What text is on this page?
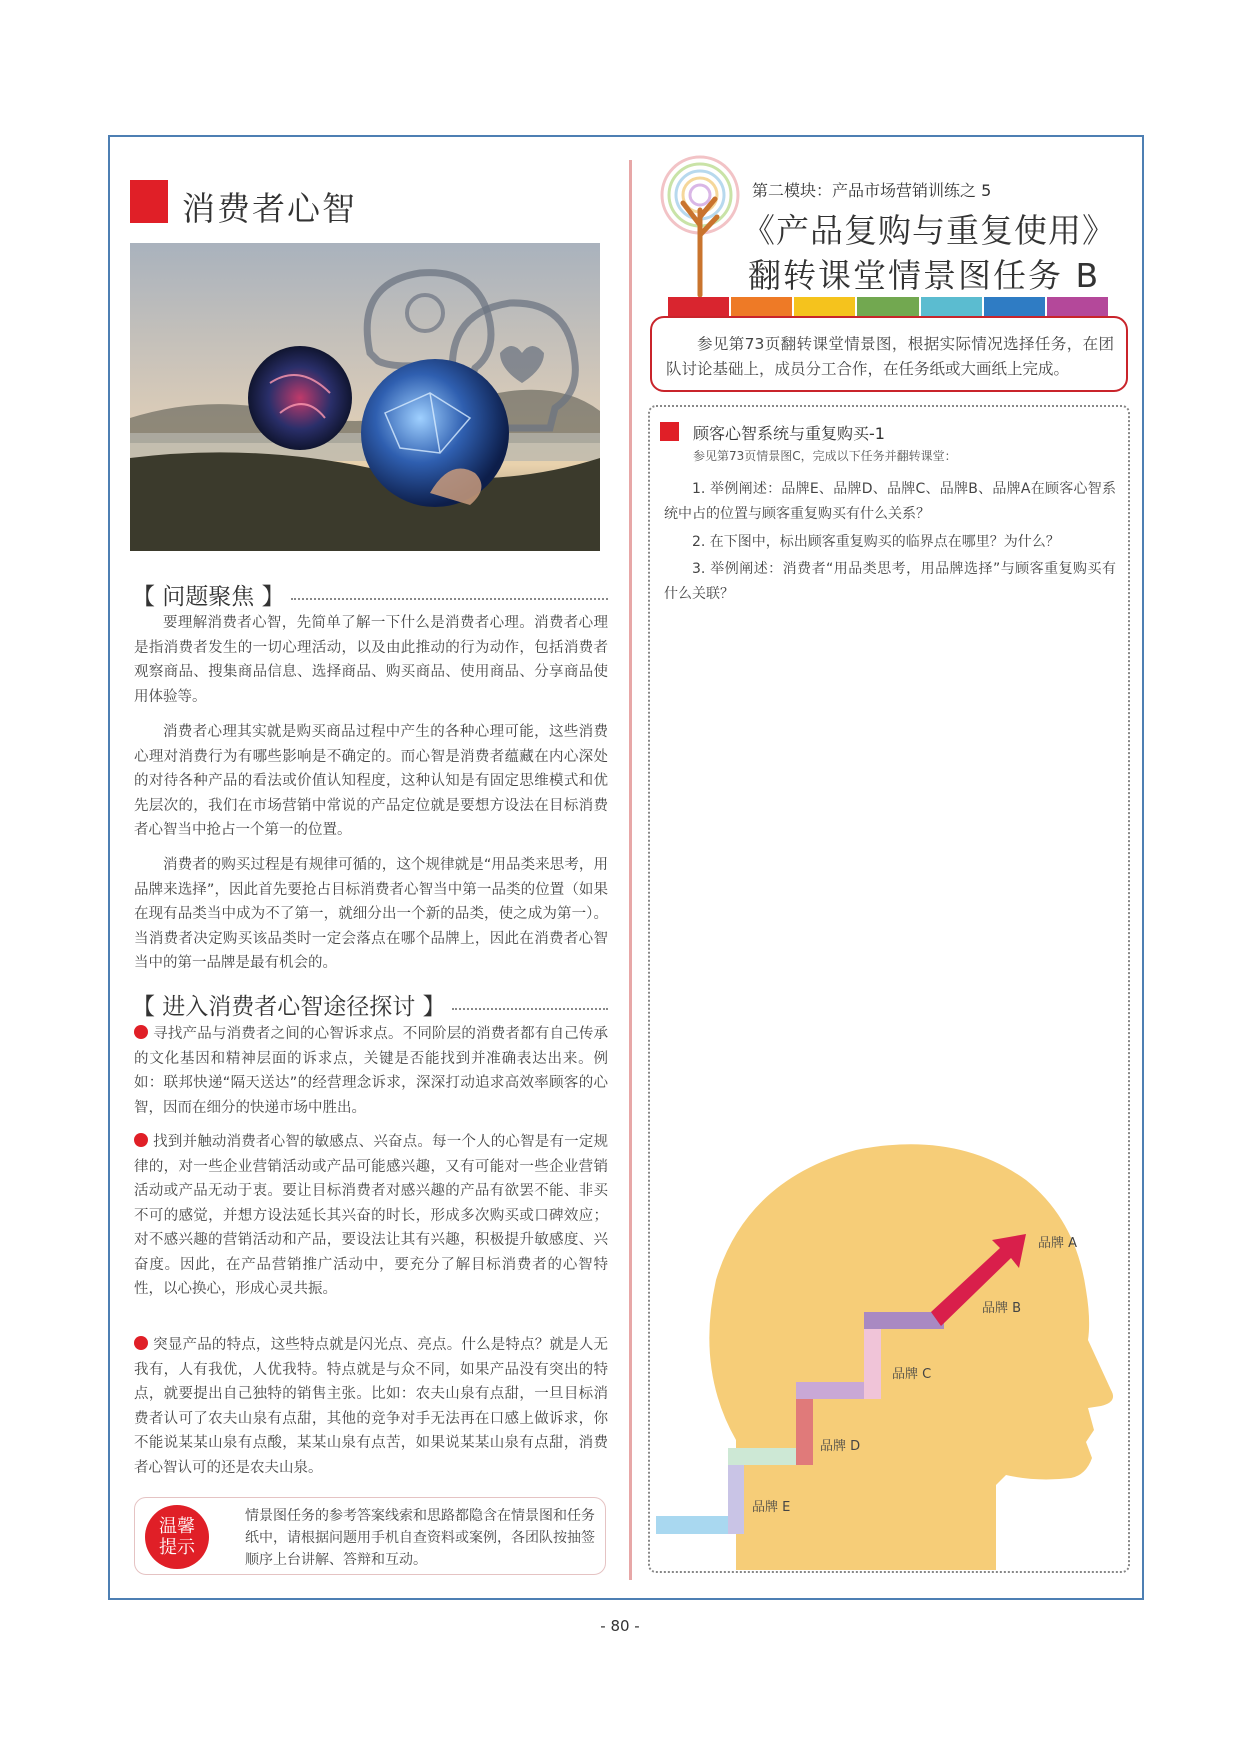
消费者心智
【 问题聚焦 】

要理解消费者心智，先简单了解一下什么是消费者心理。消费者心理是指消费者发生的一切心理活动，以及由此推动的行为动作，包括消费者观察商品、搜集商品信息、选择商品、购买商品、使用商品、分享商品使用体验等。

消费者心理其实就是购买商品过程中产生的各种心理可能，这些消费心理对消费行为有哪些影响是不确定的。而心智是消费者蕴藏在内心深处的对待各种产品的看法或价值认知程度，这种认知是有固定思维模式和优先层次的，我们在市场营销中常说的产品定位就是要想方设法在目标消费者心智当中抢占一个第一的位置。

消费者的购买过程是有规律可循的，这个规律就是“用品类来思考，用品牌来选择”，因此首先要抢占目标消费者心智当中第一品类的位置（如果在现有品类当中成为不了第一，就细分出一个新的品类，使之成为第一）。当消费者决定购买该品类时一定会落点在哪个品牌上，因此在消费者心智当中的第一品牌是最有机会的。

【 进入消费者心智途径探讨 】

寻找产品与消费者之间的心智诉求点。不同阶层的消费者都有自己传承的文化基因和精神层面的诉求点，关键是否能找到并准确表达出来。例如：联邦快递“隔天送达”的经营理念诉求，深深打动追求高效率顾客的心智，因而在细分的快递市场中胜出。

找到并触动消费者心智的敏感点、兴奋点。每一个人的心智是有一定规律的，对一些企业营销活动或产品可能感兴趣，又有可能对一些企业营销活动或产品无动于衷。要让目标消费者对感兴趣的产品有欲罢不能、非买不可的感觉，并想方设法延长其兴奋的时长，形成多次购买或口碑效应；对不感兴趣的营销活动和产品，要设法让其有兴趣，积极提升敏感度、兴奋度。因此，在产品营销推广活动中，要充分了解目标消费者的心智特性，以心换心，形成心灵共振。

突显产品的特点，这些特点就是闪光点、亮点。什么是特点？就是人无我有，人有我优，人优我特。特点就是与众不同，如果产品没有突出的特点，就要提出自己独特的销售主张。比如：农夫山泉有点甜，一旦目标消费者认可了农夫山泉有点甜，其他的竞争对手无法再在口感上做诉求，你不能说某某山泉有点酸，某某山泉有点苦，如果说某某山泉有点甜，消费者心智认可的还是农夫山泉。

温馨
提示

情景图任务的参考答案线索和思路都隐含在情景图和任务纸中，请根据问题用手机自查资料或案例，各团队按抽签顺序上台讲解、答辩和互动。

第二模块：产品市场营销训练之 5
《产品复购与重复使用》
翻转课堂情景图任务 B

参见第73页翻转课堂情景图，根据实际情况选择任务，在团队讨论基础上，成员分工合作，在任务纸或大画纸上完成。

顾客心智系统与重复购买-1
参见第73页情景图C，完成以下任务并翻转课堂：

1. 举例阐述：品牌E、品牌D、品牌C、品牌B、品牌A在顾客心智系统中占的位置与顾客重复购买有什么关系？

2. 在下图中，标出顾客重复购买的临界点在哪里？为什么？

3. 举例阐述：消费者“用品类思考，用品牌选择”与顾客重复购买有什么关联？

品牌 A
品牌 B
品牌 C
品牌 D
品牌 E
- 80 -
